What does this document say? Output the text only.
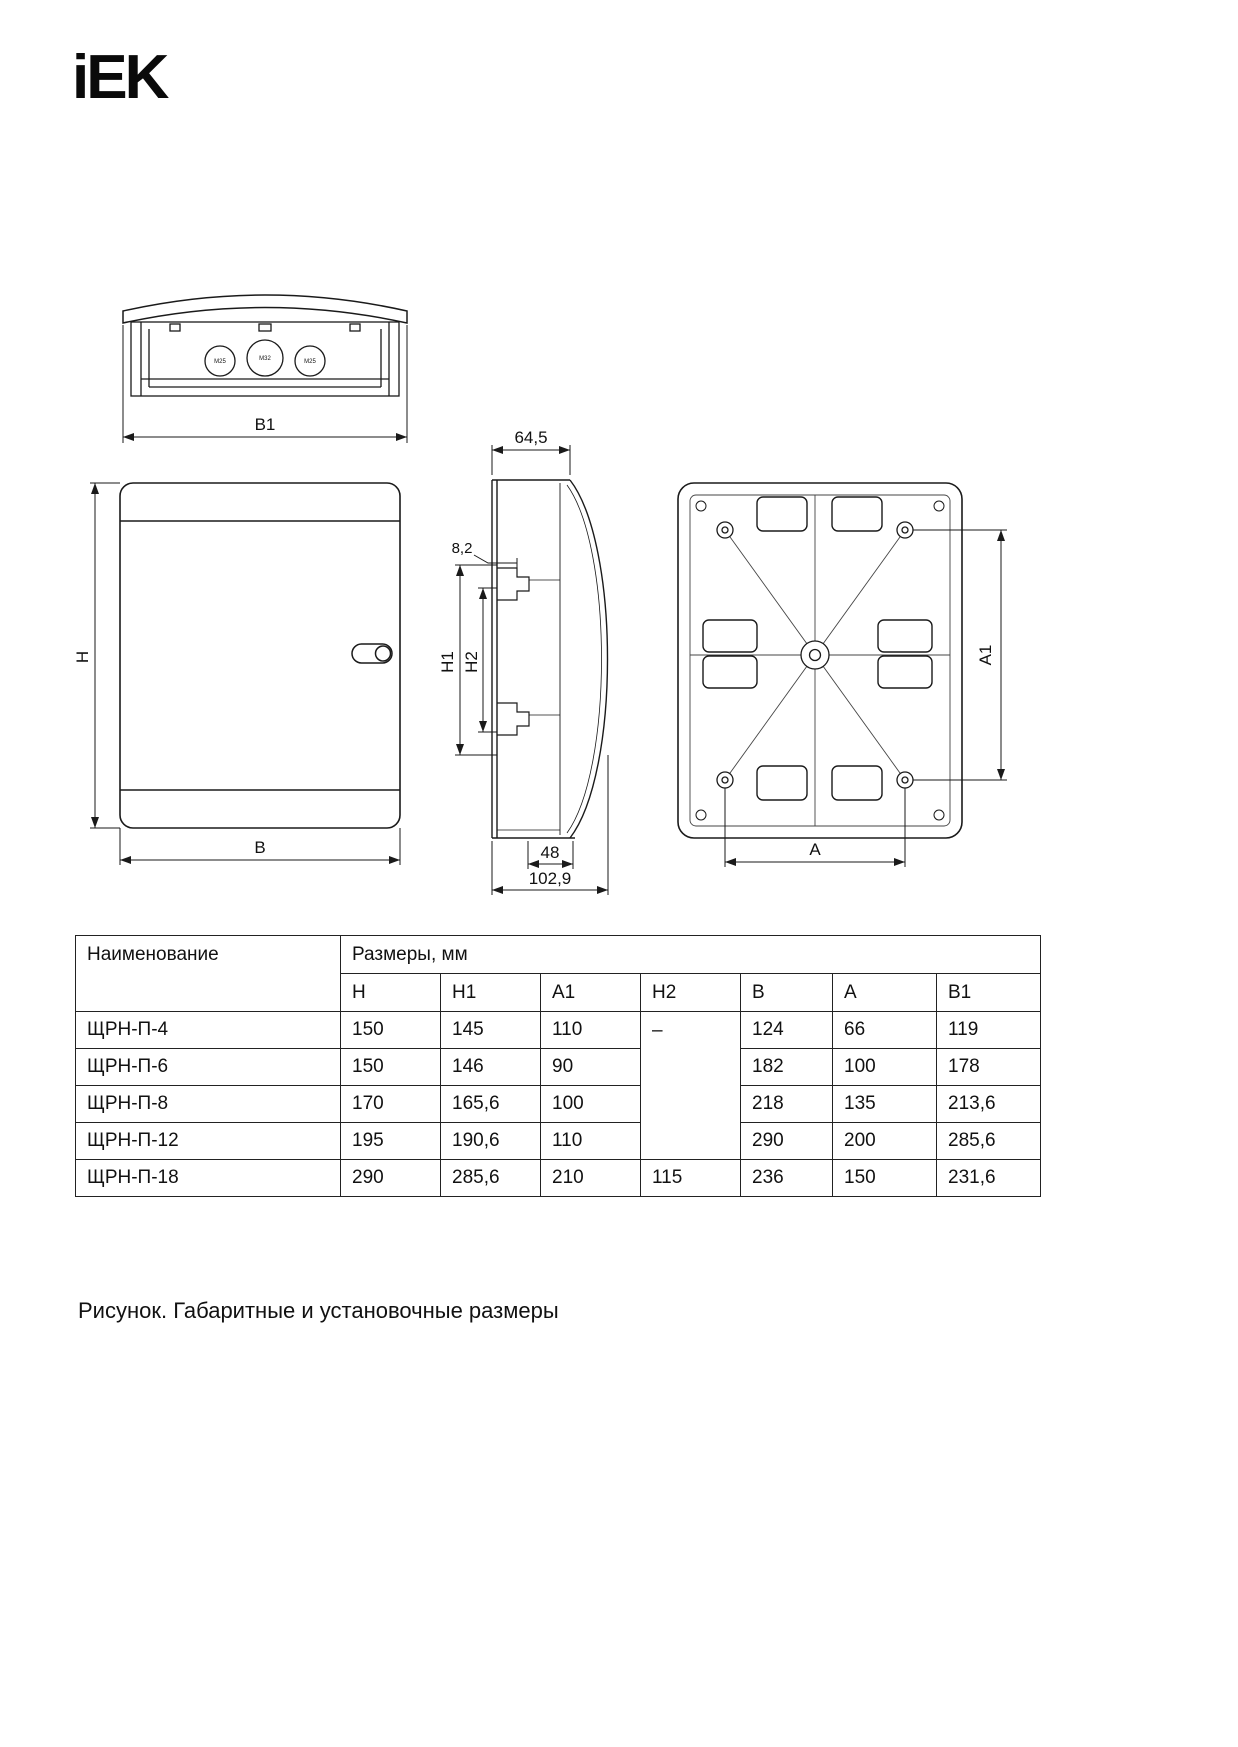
iEK
M25	M32	M25
B1
H
B
64,5
8,2
H1 H2
48
102,9
A1
A
Наименование	Размеры, мм						
	H	H1	A1	H2	B	A	B1
ЩРН-П-4	150	145	110	–	124	66	119
ЩРН-П-6	150	146	90		182	100	178
ЩРН-П-8	170	165,6	100		218	135	213,6
ЩРН-П-12	195	190,6	110		290	200	285,6
ЩРН-П-18	290	285,6	210	115	236	150	231,6
Рисунок. Габаритные и установочные размеры
